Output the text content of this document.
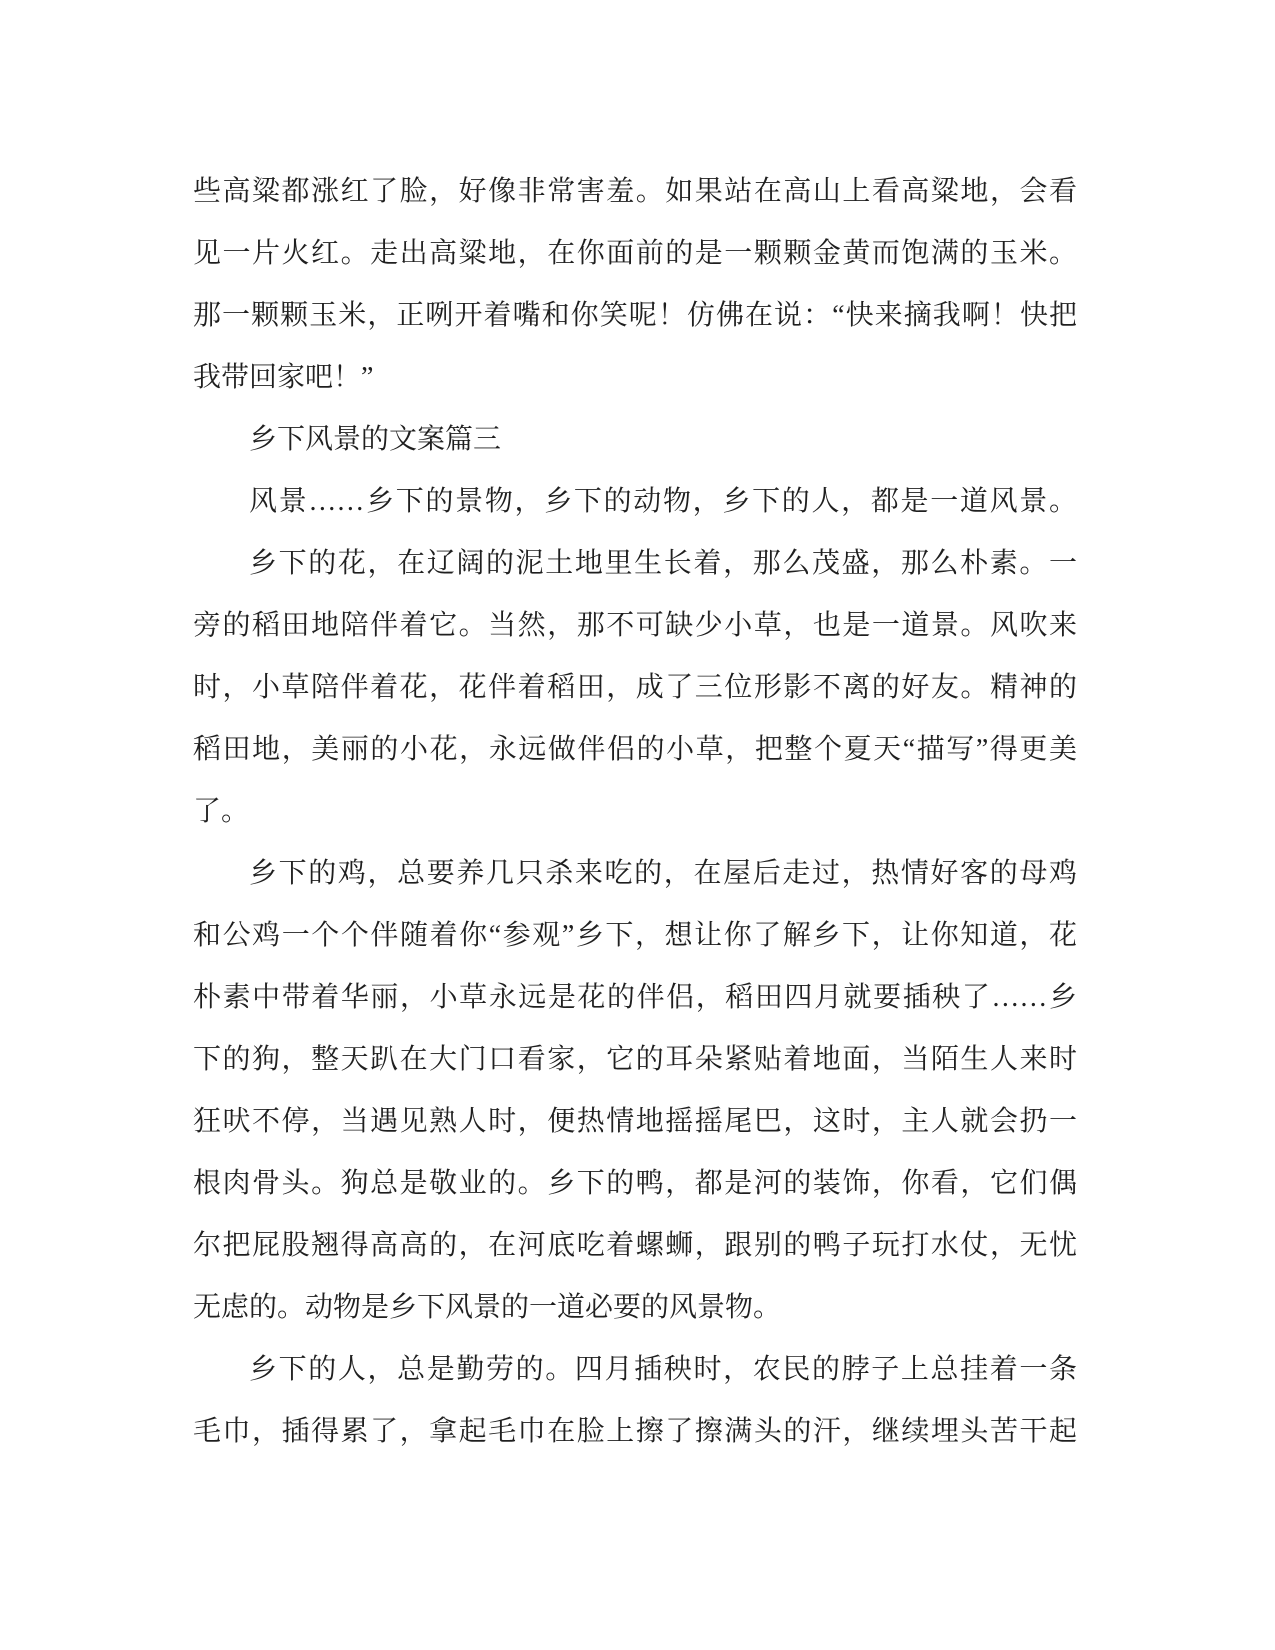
些高粱都涨红了脸，好像非常害羞。如果站在高山上看高粱地，会看
见一片火红。走出高粱地，在你面前的是一颗颗金黄而饱满的玉米。
那一颗颗玉米，正咧开着嘴和你笑呢！仿佛在说：“快来摘我啊！快把
我带回家吧！”
乡下风景的文案篇三
风景……乡下的景物，乡下的动物，乡下的人，都是一道风景。
乡下的花，在辽阔的泥土地里生长着，那么茂盛，那么朴素。一
旁的稻田地陪伴着它。当然，那不可缺少小草，也是一道景。风吹来
时，小草陪伴着花，花伴着稻田，成了三位形影不离的好友。精神的
稻田地，美丽的小花，永远做伴侣的小草，把整个夏天“描写”得更美
了。
乡下的鸡，总要养几只杀来吃的，在屋后走过，热情好客的母鸡
和公鸡一个个伴随着你“参观”乡下，想让你了解乡下，让你知道，花
朴素中带着华丽，小草永远是花的伴侣，稻田四月就要插秧了……乡
下的狗，整天趴在大门口看家，它的耳朵紧贴着地面，当陌生人来时
狂吠不停，当遇见熟人时，便热情地摇摇尾巴，这时，主人就会扔一
根肉骨头。狗总是敬业的。乡下的鸭，都是河的装饰，你看，它们偶
尔把屁股翘得高高的，在河底吃着螺蛳，跟别的鸭子玩打水仗，无忧
无虑的。动物是乡下风景的一道必要的风景物。
乡下的人，总是勤劳的。四月插秧时，农民的脖子上总挂着一条
毛巾，插得累了，拿起毛巾在脸上擦了擦满头的汗，继续埋头苦干起
